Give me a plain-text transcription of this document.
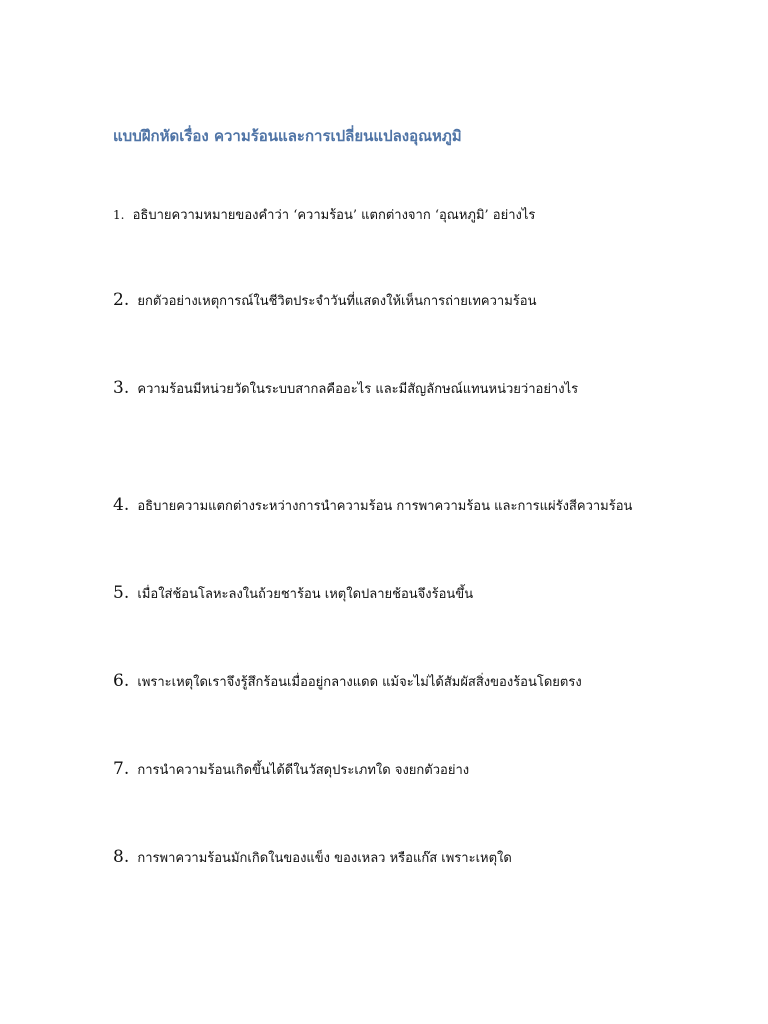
แบบฝึกหัดเรื่อง ความร้อนและการเปลี่ยนแปลงอุณหภูมิ
1. อธิบายความหมายของคำว่า ‘ความร้อน’ แตกต่างจาก ‘อุณหภูมิ’ อย่างไร
2. ยกตัวอย่างเหตุการณ์ในชีวิตประจำวันที่แสดงให้เห็นการถ่ายเทความร้อน
3. ความร้อนมีหน่วยวัดในระบบสากลคืออะไร และมีสัญลักษณ์แทนหน่วยว่าอย่างไร
4. อธิบายความแตกต่างระหว่างการนำความร้อน การพาความร้อน และการแผ่รังสีความร้อน
5. เมื่อใส่ช้อนโลหะลงในถ้วยชาร้อน เหตุใดปลายช้อนจึงร้อนขึ้น
6. เพราะเหตุใดเราจึงรู้สึกร้อนเมื่ออยู่กลางแดด แม้จะไม่ได้สัมผัสสิ่งของร้อนโดยตรง
7. การนำความร้อนเกิดขึ้นได้ดีในวัสดุประเภทใด จงยกตัวอย่าง
8. การพาความร้อนมักเกิดในของแข็ง ของเหลว หรือแก๊ส เพราะเหตุใด
